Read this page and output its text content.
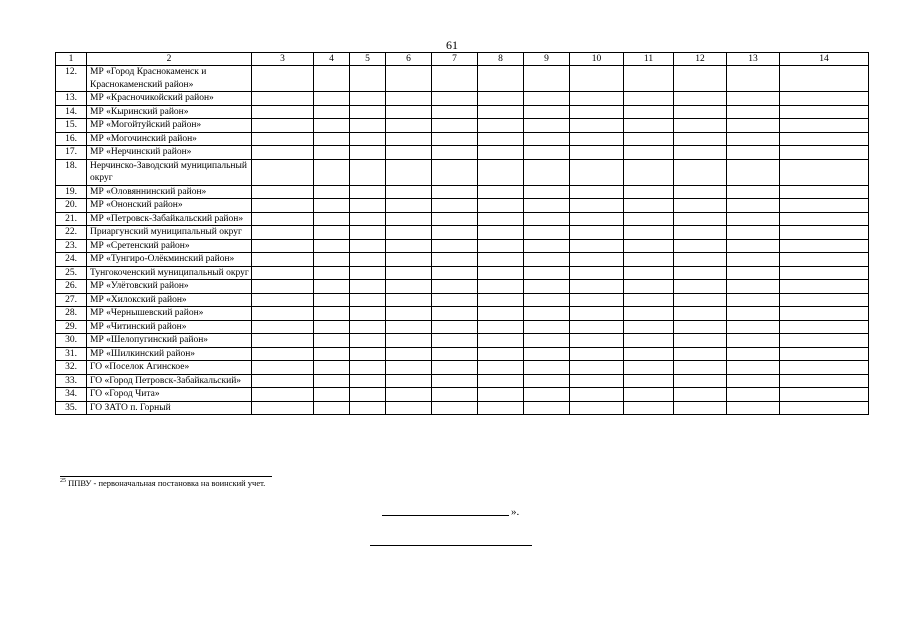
61
1	2	3	4	5	6	7	8	9	10	11	12	13	14
12.	МР «Город Краснокаменск и Краснокаменский район»												
13.	МР «Красночикойский район»												
14.	МР «Кыринский район»												
15.	МР «Могойтуйский район»												
16.	МР «Могочинский район»												
17.	МР «Нерчинский район»												
18.	Нерчинско-Заводский муниципальный округ												
19.	МР «Оловяннинский район»												
20.	МР «Ононский район»												
21.	МР «Петровск-Забайкальский район»												
22.	Приаргунский муниципальный округ												
23.	МР «Сретенский район»												
24.	МР «Тунгиро-Олёкминский район»												
25.	Тунгокоченский муниципальный округ												
26.	МР «Улётовский район»												
27.	МР «Хилокский район»												
28.	МР «Чернышевский район»												
29.	МР «Читинский район»												
30.	МР «Шелопугинский район»												
31.	МР «Шилкинский район»												
32.	ГО «Поселок Агинское»												
33.	ГО «Город Петровск-Забайкальский»												
34.	ГО «Город Чита»												
35.	ГО ЗАТО п. Горный												
$^{25}$ ППВУ - первоначальная постановка на воинский учет.
».
